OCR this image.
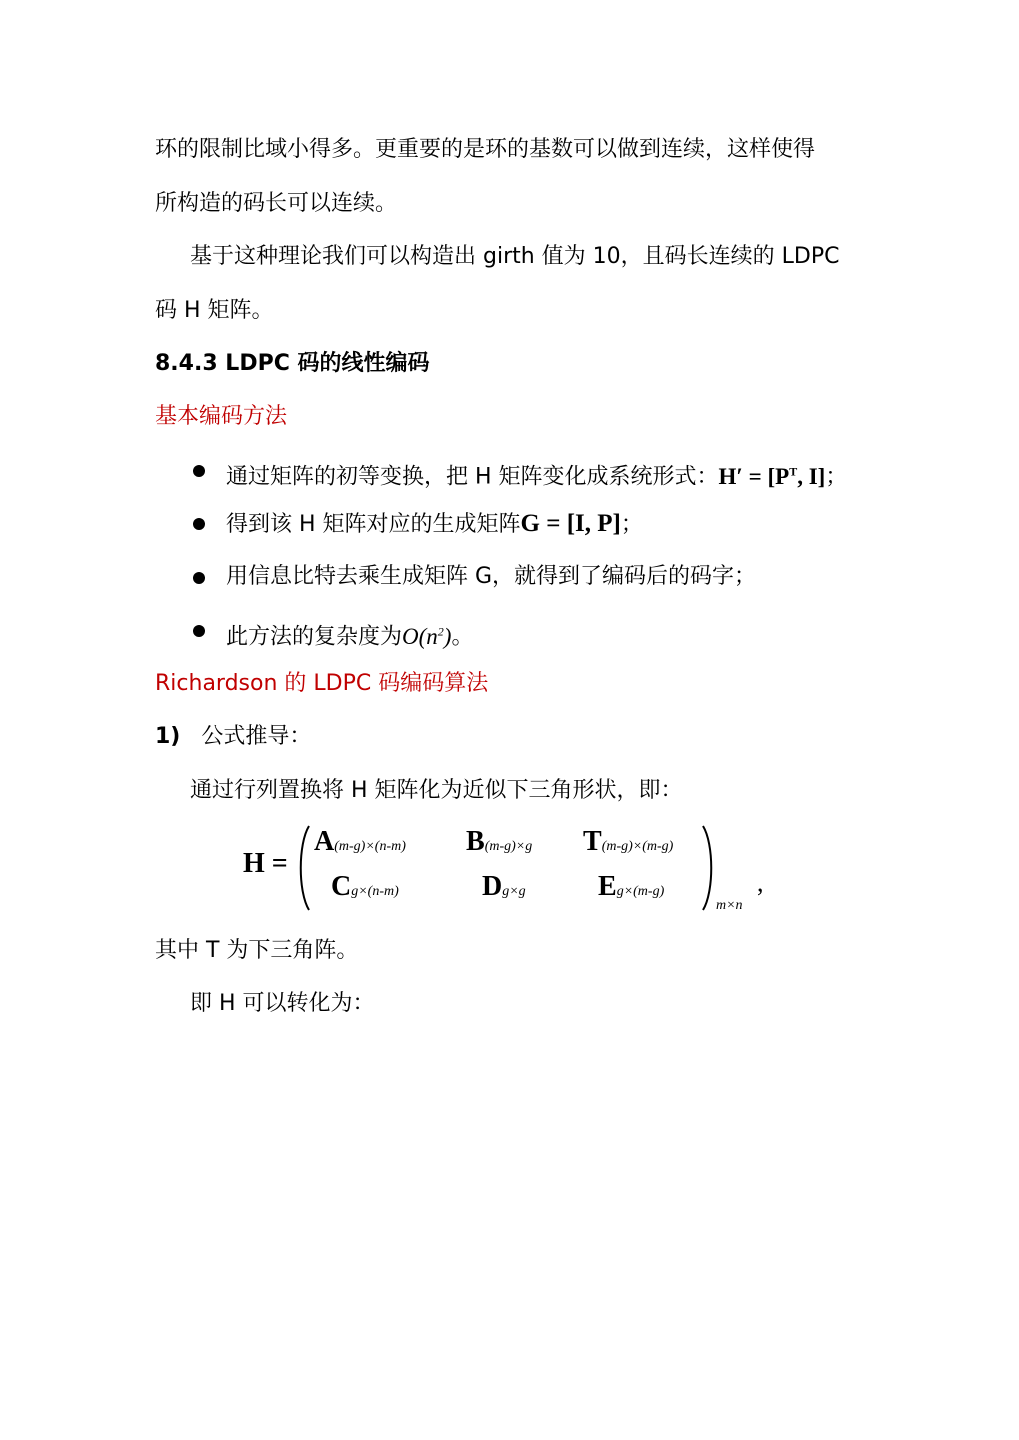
环的限制比域小得多。更重要的是环的基数可以做到连续，这样使得
所构造的码长可以连续。
基于这种理论我们可以构造出 girth 值为 10，且码长连续的 LDPC
码 H 矩阵。
8.4.3 LDPC 码的线性编码
基本编码方法
通过矩阵的初等变换，把 H 矩阵变化成系统形式：$H' = [P^T$, I]；
得到该 H 矩阵对应的生成矩阵G = [I, P]；
用信息比特去乘生成矩阵 G，就得到了编码后的码字；
此方法的复杂度为$O(n^2)$。
Richardson 的 LDPC 码编码算法
1) 公式推导：
通过行列置换将 H 矩阵化为近似下三角形状，即：
H =
A(m-g)×(n-m) B(m-g)×g T(m-g)×(m-g)
Cg×(n-m)	Dg×g	Eg×(m-g)
m×n
,
其中 T 为下三角阵。
即 H 可以转化为：
